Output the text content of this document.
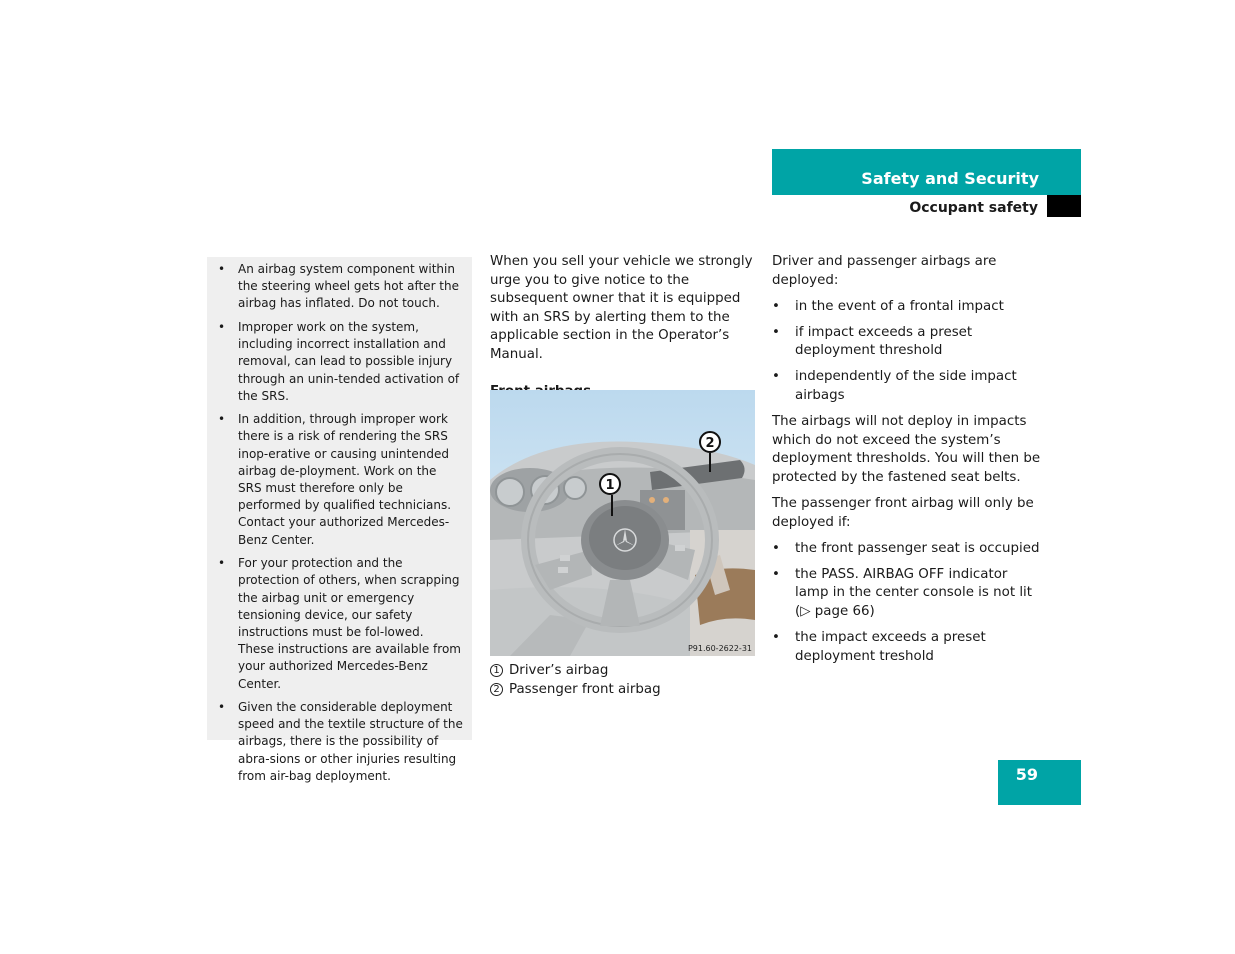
Safety and Security
Occupant safety
• An airbag system component within the steering wheel gets hot after the airbag has inflated. Do not touch.
• Improper work on the system, including incorrect installation and removal, can lead to possible injury through an unin-tended activation of the SRS.
• In addition, through improper work there is a risk of rendering the SRS inop-erative or causing unintended airbag de-ployment. Work on the SRS must therefore only be performed by qualified technicians. Contact your authorized Mercedes-Benz Center.
• For your protection and the protection of others, when scrapping the airbag unit or emergency tensioning device, our safety instructions must be fol-lowed. These instructions are available from your authorized Mercedes-Benz Center.
• Given the considerable deployment speed and the textile structure of the airbags, there is the possibility of abra-sions or other injuries resulting from air-bag deployment.

When you sell your vehicle we strongly urge you to give notice to the subsequent owner that it is equipped with an SRS by alerting them to the applicable section in the Operator’s Manual.

1
2
P91.60-2622-31
1 Driver’s airbag
2 Passenger front airbag

Driver and passenger airbags are deployed:

• in the event of a frontal impact
• if impact exceeds a preset deployment threshold
• independently of the side impact airbags

The airbags will not deploy in impacts which do not exceed the system’s deployment thresholds. You will then be protected by the fastened seat belts.

The passenger front airbag will only be deployed if:

• the front passenger seat is occupied
• the PASS. AIRBAG OFF indicator lamp in the center console is not lit (▷ page 66)
• the impact exceeds a preset deployment treshold
59
